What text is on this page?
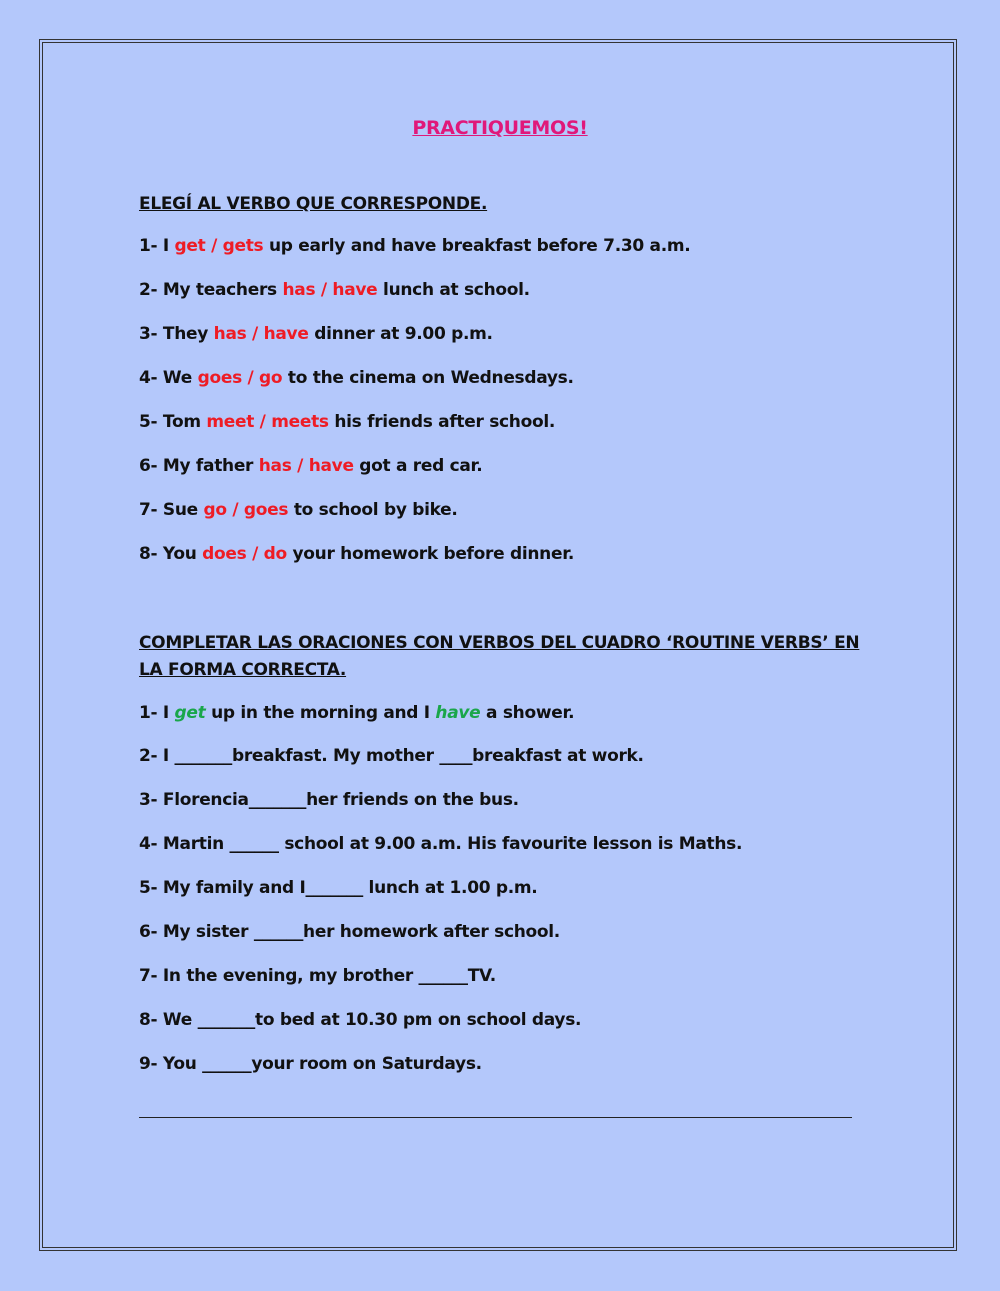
PRACTIQUEMOS!
ELEGÍ AL VERBO QUE CORRESPONDE.
1- I get / gets up early and have breakfast before 7.30 a.m.
2- My teachers has / have lunch at school.
3- They has / have dinner at 9.00 p.m.
4- We goes / go to the cinema on Wednesdays.
5- Tom meet / meets his friends after school.
6- My father has / have got a red car.
7- Sue go / goes to school by bike.
8- You does / do your homework before dinner.
COMPLETAR LAS ORACIONES CON VERBOS DEL CUADRO ‘ROUTINE VERBS’ EN LA FORMA CORRECTA.
1- I get up in the morning and I have a shower.
2- I _______breakfast. My mother ____breakfast at work.
3- Florencia_______her friends on the bus.
4- Martin ______ school at 9.00 a.m. His favourite lesson is Maths.
5- My family and I_______ lunch at 1.00 p.m.
6- My sister ______her homework after school.
7- In the evening, my brother ______TV.
8- We _______to bed at 10.30 pm on school days.
9- You ______your room on Saturdays.
